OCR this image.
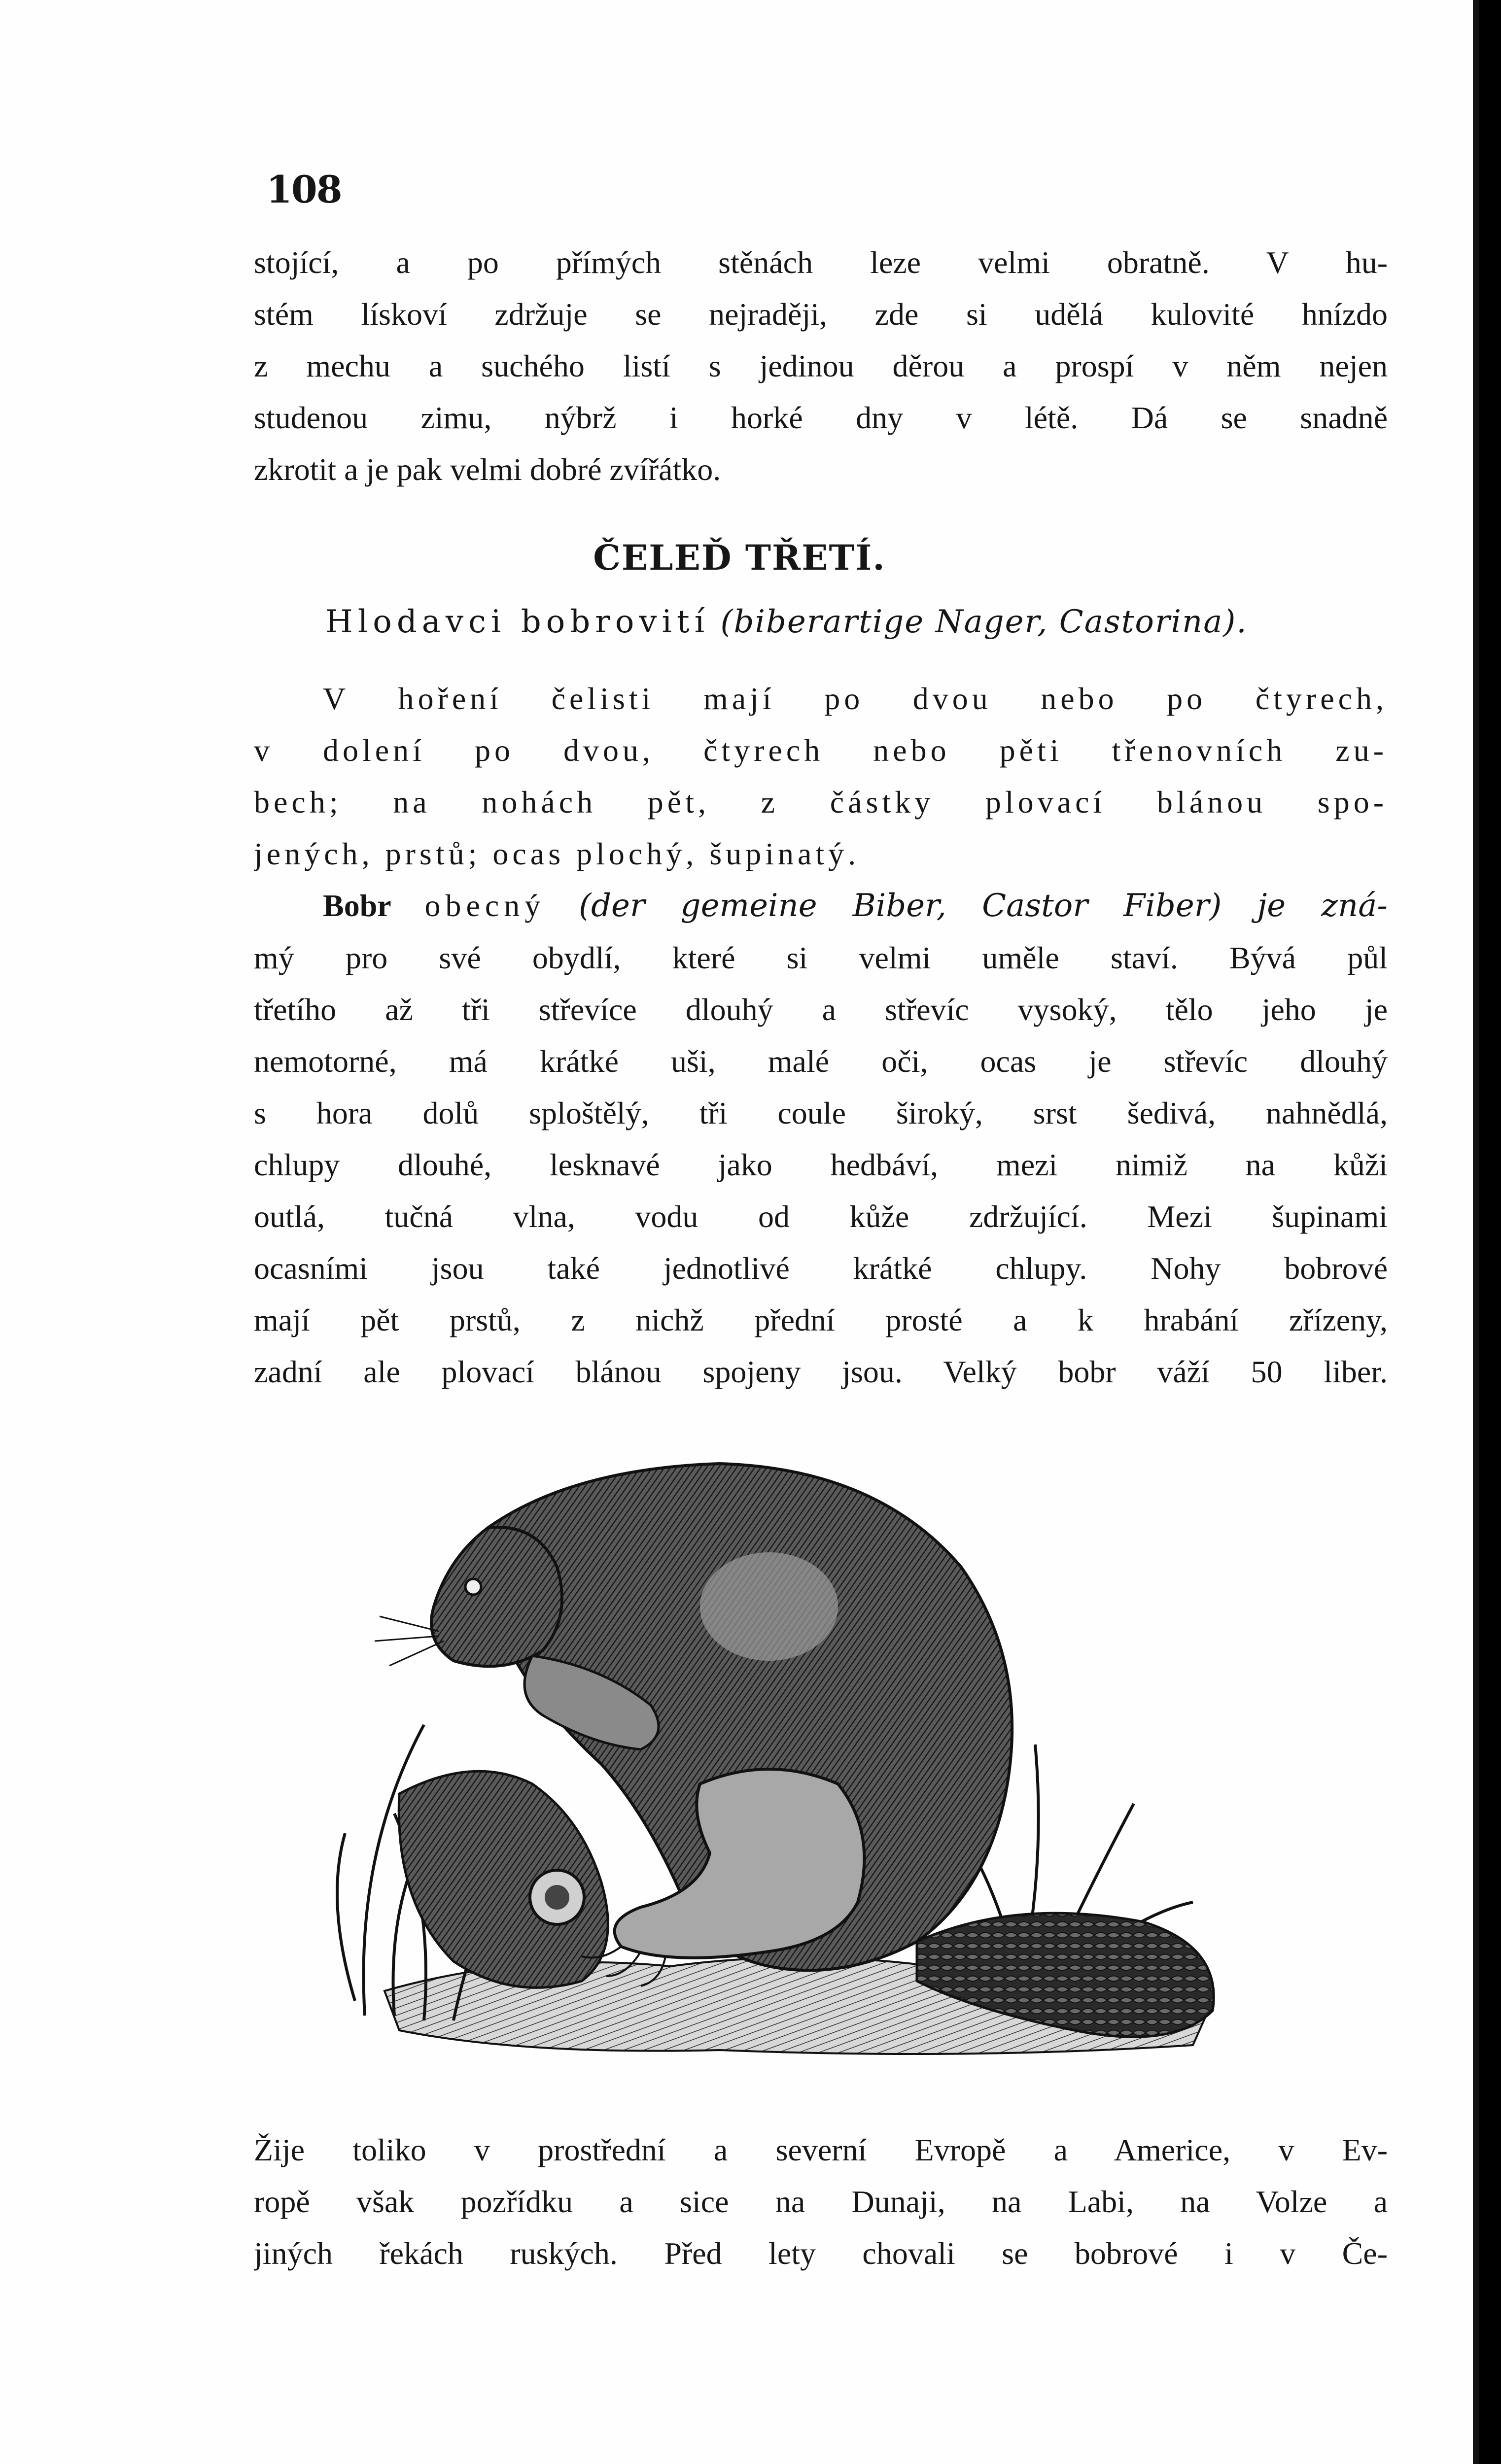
108
stojící, a po přímých stěnách leze velmi obratně. V hu-
stém lískoví zdržuje se nejraději, zde si udělá kulovité hnízdo
z mechu a suchého listí s jedinou děrou a prospí v něm nejen
studenou zimu, nýbrž i horké dny v létě. Dá se snadně
zkrotit a je pak velmi dobré zvířátko.
ČELEĎ TŘETÍ.
Hlodavci bobrovití (biberartige Nager, Castorina).
V hoření čelisti mají po dvou nebo po čtyrech,
v dolení po dvou, čtyrech nebo pěti třenovních zu-
bech; na nohách pět, z částky plovací blánou spo-
jených, prstů; ocas plochý, šupinatý.
Bobr obecný (der gemeine Biber, Castor Fiber) je zná-
mý pro své obydlí, které si velmi uměle staví. Bývá půl
třetího až tři střevíce dlouhý a střevíc vysoký, tělo jeho je
nemotorné, má krátké uši, malé oči, ocas je střevíc dlouhý
s hora dolů sploštělý, tři coule široký, srst šedivá, nahnědlá,
chlupy dlouhé, lesknavé jako hedbáví, mezi nimiž na kůži
outlá, tučná vlna, vodu od kůže zdržující. Mezi šupinami
ocasními jsou také jednotlivé krátké chlupy. Nohy bobrové
mají pět prstů, z nichž přední prosté a k hrabání zřízeny,
zadní ale plovací blánou spojeny jsou. Velký bobr váží 50 liber.
Žije toliko v prostřední a severní Evropě a Americe, v Ev-
ropě však pozřídku a sice na Dunaji, na Labi, na Volze a
jiných řekách ruských. Před lety chovali se bobrové i v Če-
